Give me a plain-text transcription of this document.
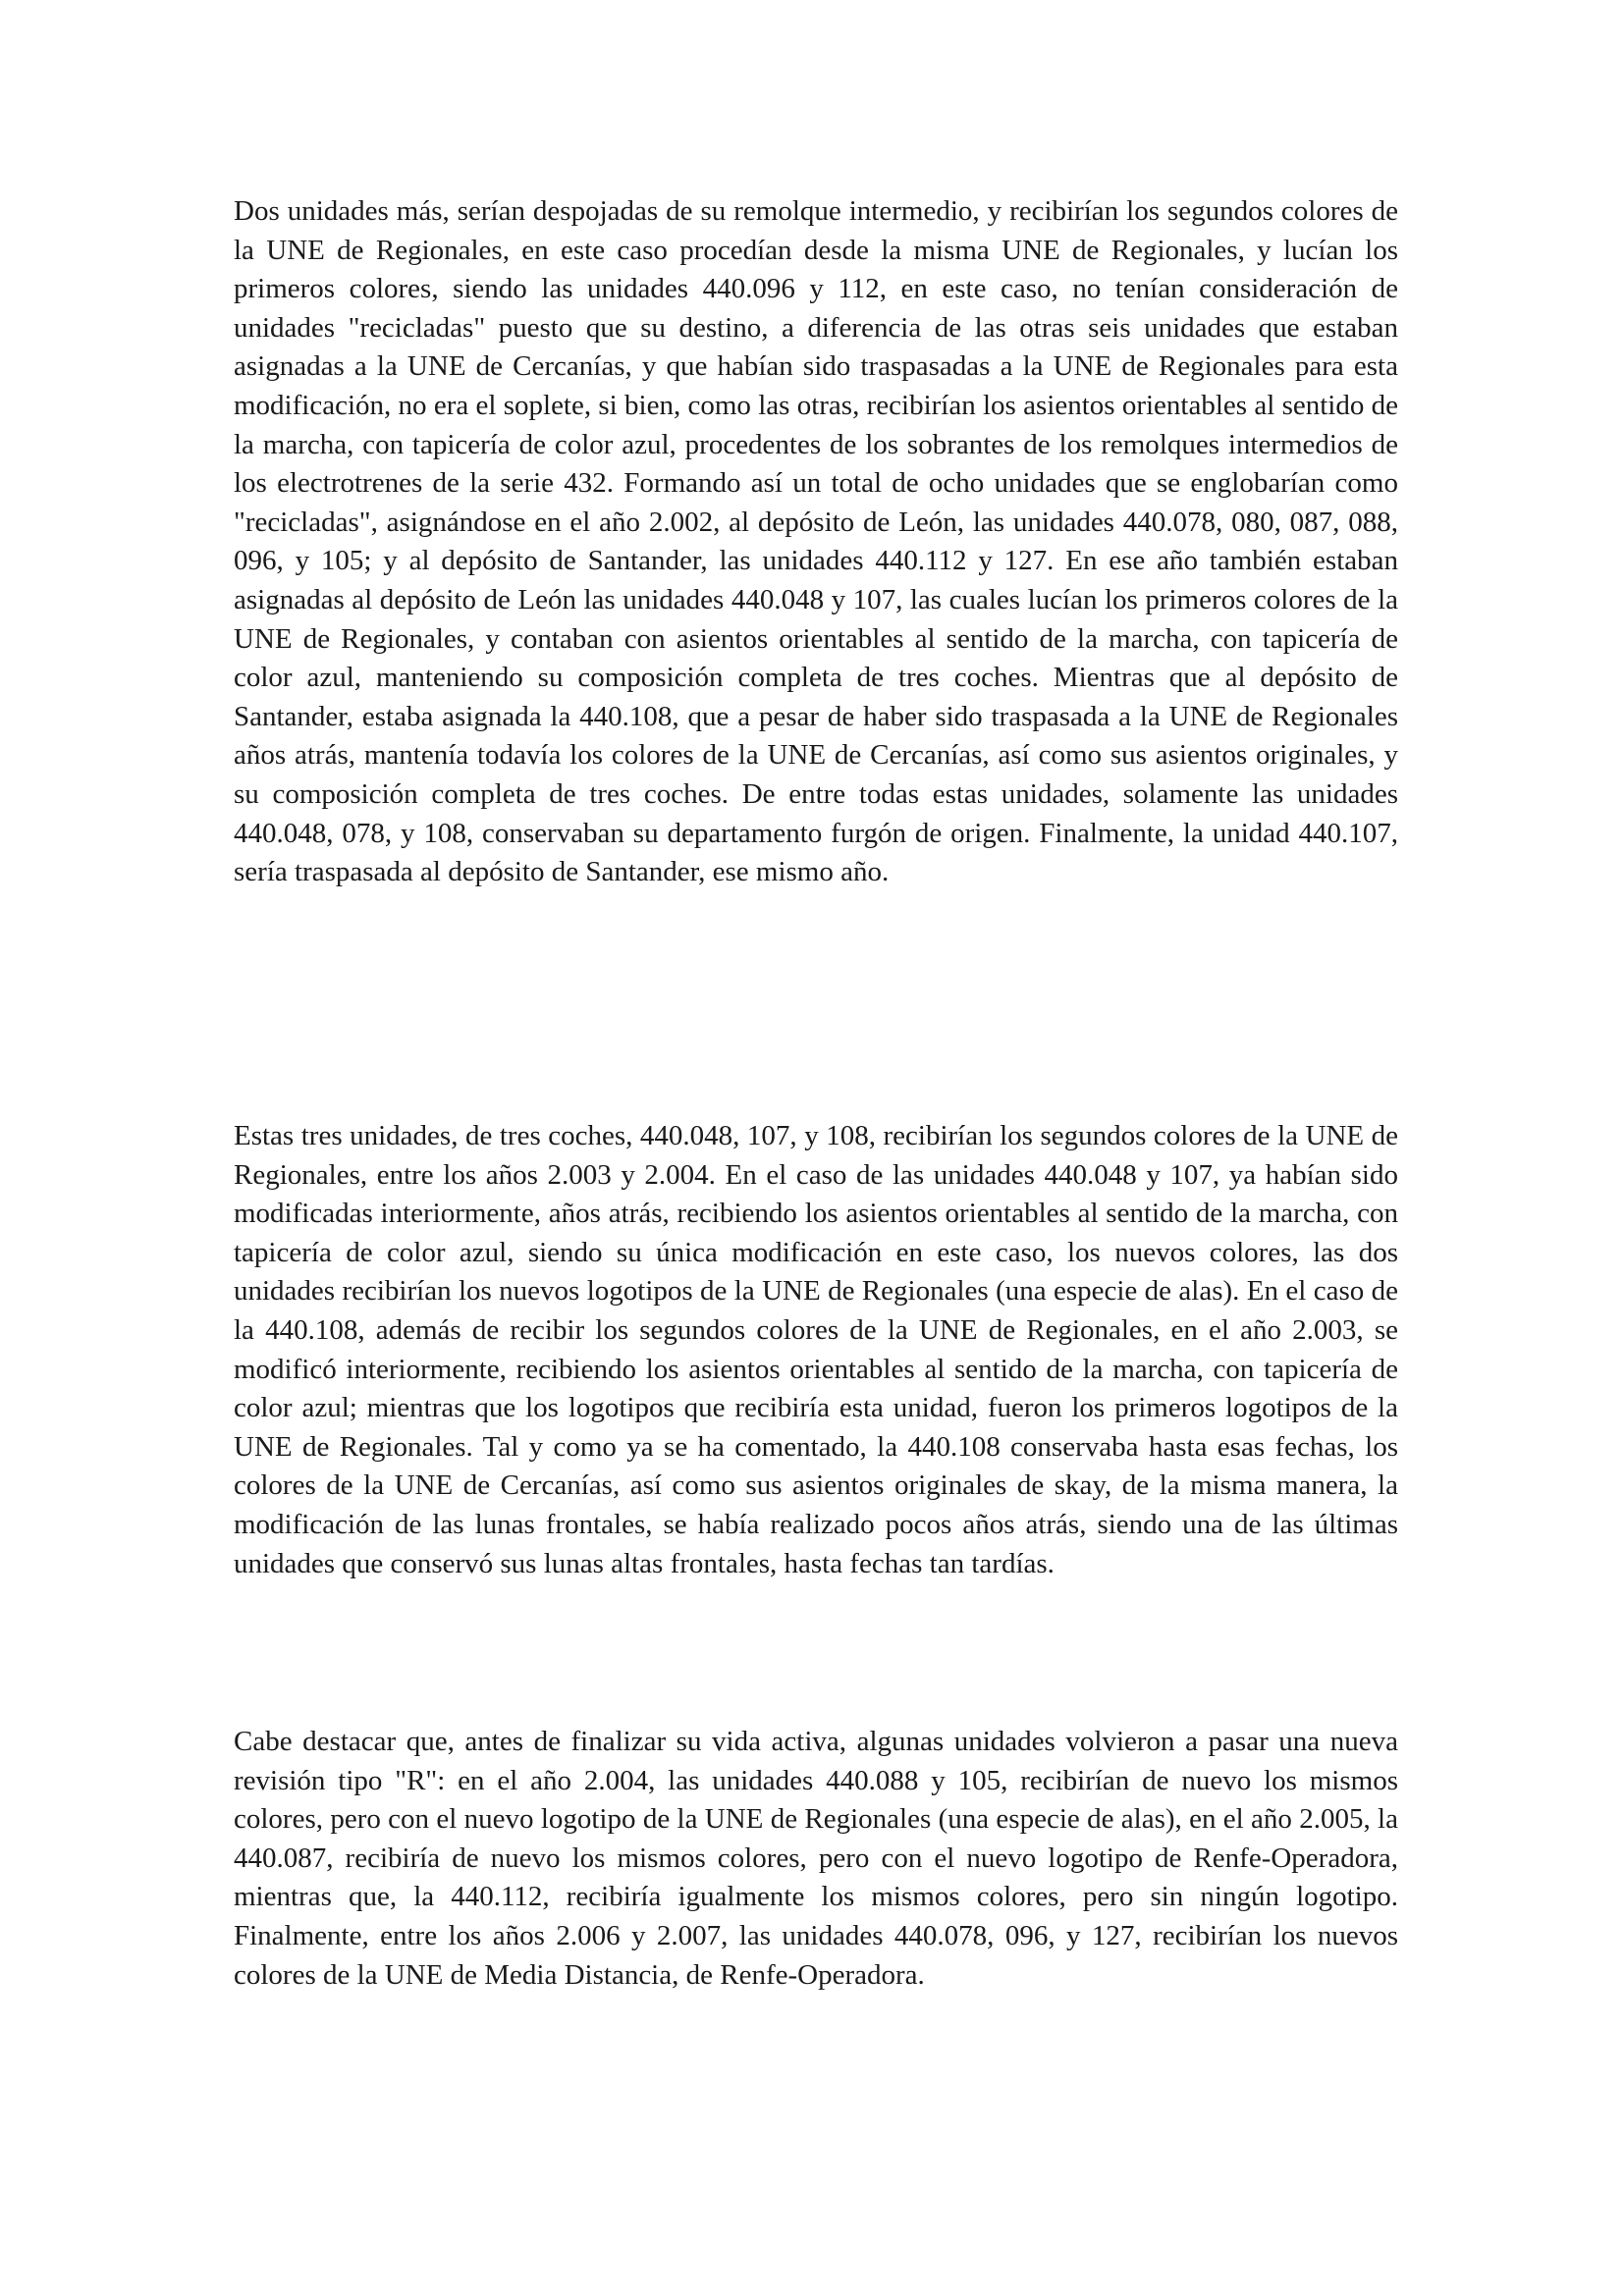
Dos unidades más, serían despojadas de su remolque intermedio, y recibirían los segundos colores de la UNE de Regionales, en este caso procedían desde la misma UNE de Regionales, y lucían los primeros colores, siendo las unidades 440.096 y 112, en este caso, no tenían consideración de unidades "recicladas" puesto que su destino, a diferencia de las otras seis unidades que estaban asignadas a la UNE de Cercanías, y que habían sido traspasadas a la UNE de Regionales para esta modificación, no era el soplete, si bien, como las otras, recibirían los asientos orientables al sentido de la marcha, con tapicería de color azul, procedentes de los sobrantes de los remolques intermedios de los electrotrenes de la serie 432. Formando así un total de ocho unidades que se englobarían como "recicladas", asignándose en el año 2.002, al depósito de León, las unidades 440.078, 080, 087, 088, 096, y 105; y al depósito de Santander, las unidades 440.112 y 127. En ese año también estaban asignadas al depósito de León las unidades 440.048 y 107, las cuales lucían los primeros colores de la UNE de Regionales, y contaban con asientos orientables al sentido de la marcha, con tapicería de color azul, manteniendo su composición completa de tres coches. Mientras que al depósito de Santander, estaba asignada la 440.108, que a pesar de haber sido traspasada a la UNE de Regionales años atrás, mantenía todavía los colores de la UNE de Cercanías, así como sus asientos originales, y su composición completa de tres coches. De entre todas estas unidades, solamente las unidades 440.048, 078, y 108, conservaban su departamento furgón de origen. Finalmente, la unidad 440.107, sería traspasada al depósito de Santander, ese mismo año.

Estas tres unidades, de tres coches, 440.048, 107, y 108, recibirían los segundos colores de la UNE de Regionales, entre los años 2.003 y 2.004. En el caso de las unidades 440.048 y 107, ya habían sido modificadas interiormente, años atrás, recibiendo los asientos orientables al sentido de la marcha, con tapicería de color azul, siendo su única modificación en este caso, los nuevos colores, las dos unidades recibirían los nuevos logotipos de la UNE de Regionales (una especie de alas). En el caso de la 440.108, además de recibir los segundos colores de la UNE de Regionales, en el año 2.003, se modificó interiormente, recibiendo los asientos orientables al sentido de la marcha, con tapicería de color azul; mientras que los logotipos que recibiría esta unidad, fueron los primeros logotipos de la UNE de Regionales. Tal y como ya se ha comentado, la 440.108 conservaba hasta esas fechas, los colores de la UNE de Cercanías, así como sus asientos originales de skay, de la misma manera, la modificación de las lunas frontales, se había realizado pocos años atrás, siendo una de las últimas unidades que conservó sus lunas altas frontales, hasta fechas tan tardías.

Cabe destacar que, antes de finalizar su vida activa, algunas unidades volvieron a pasar una nueva revisión tipo "R": en el año 2.004, las unidades 440.088 y 105, recibirían de nuevo los mismos colores, pero con el nuevo logotipo de la UNE de Regionales (una especie de alas), en el año 2.005, la 440.087, recibiría de nuevo los mismos colores, pero con el nuevo logotipo de Renfe-Operadora, mientras que, la 440.112, recibiría igualmente los mismos colores, pero sin ningún logotipo. Finalmente, entre los años 2.006 y 2.007, las unidades 440.078, 096, y 127, recibirían los nuevos colores de la UNE de Media Distancia, de Renfe-Operadora.
